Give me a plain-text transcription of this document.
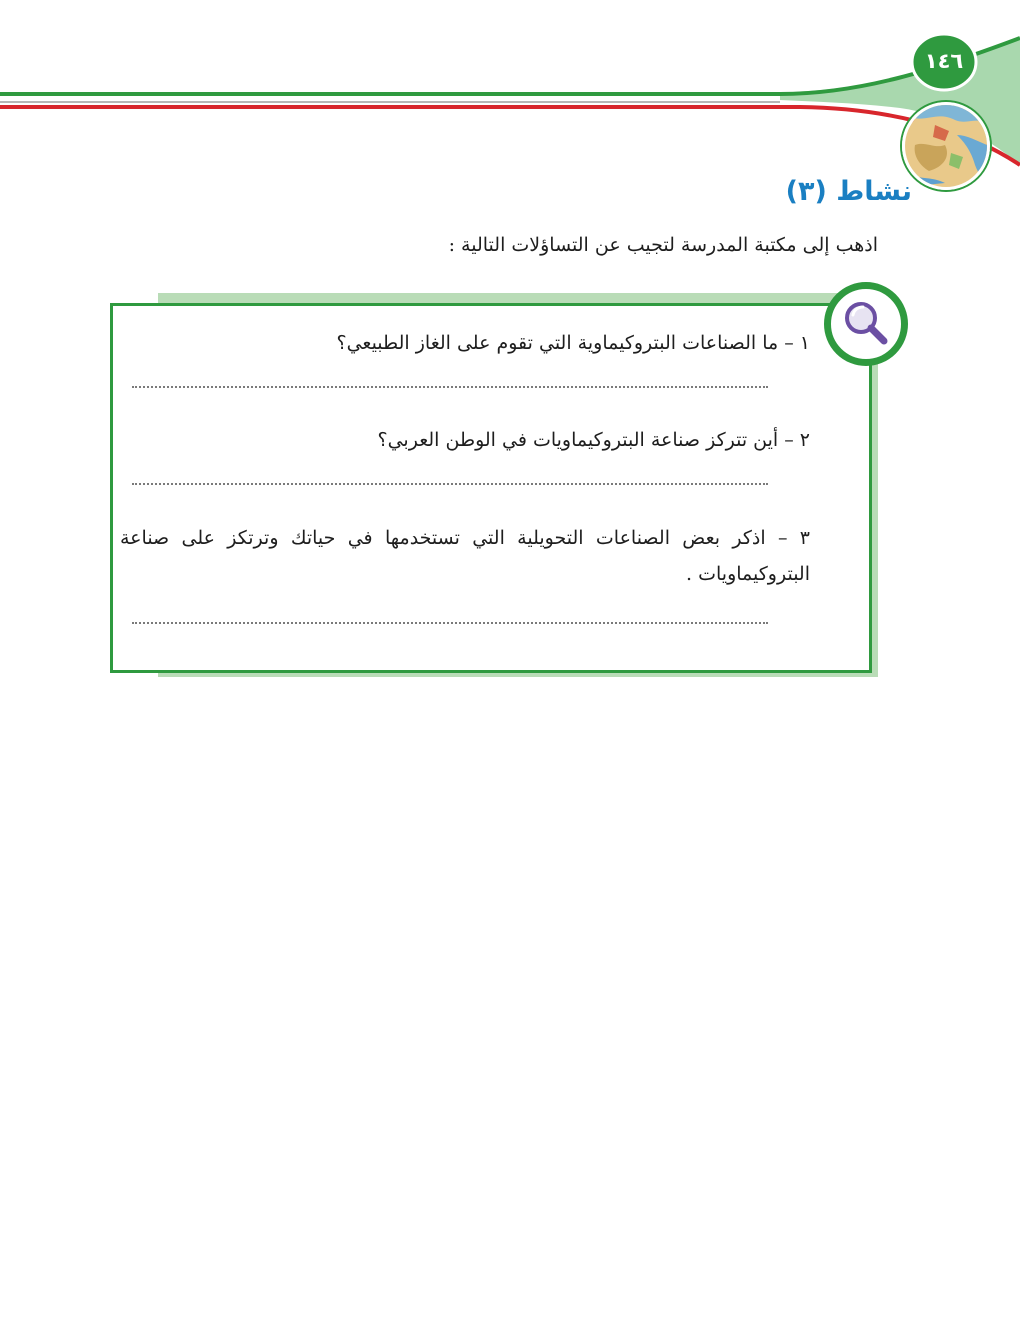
١٤٦
نشاط (٣)
اذهب إلى مكتبة المدرسة لتجيب عن التساؤلات التالية :
١ – ما الصناعات البتروكيماوية التي تقوم على الغاز الطبيعي؟
٢ – أين تتركز صناعة البتروكيماويات في الوطن العربي؟
٣ – اذكر بعض الصناعات التحويلية التي تستخدمها في حياتك وترتكز على صناعة البتروكيماويات .
